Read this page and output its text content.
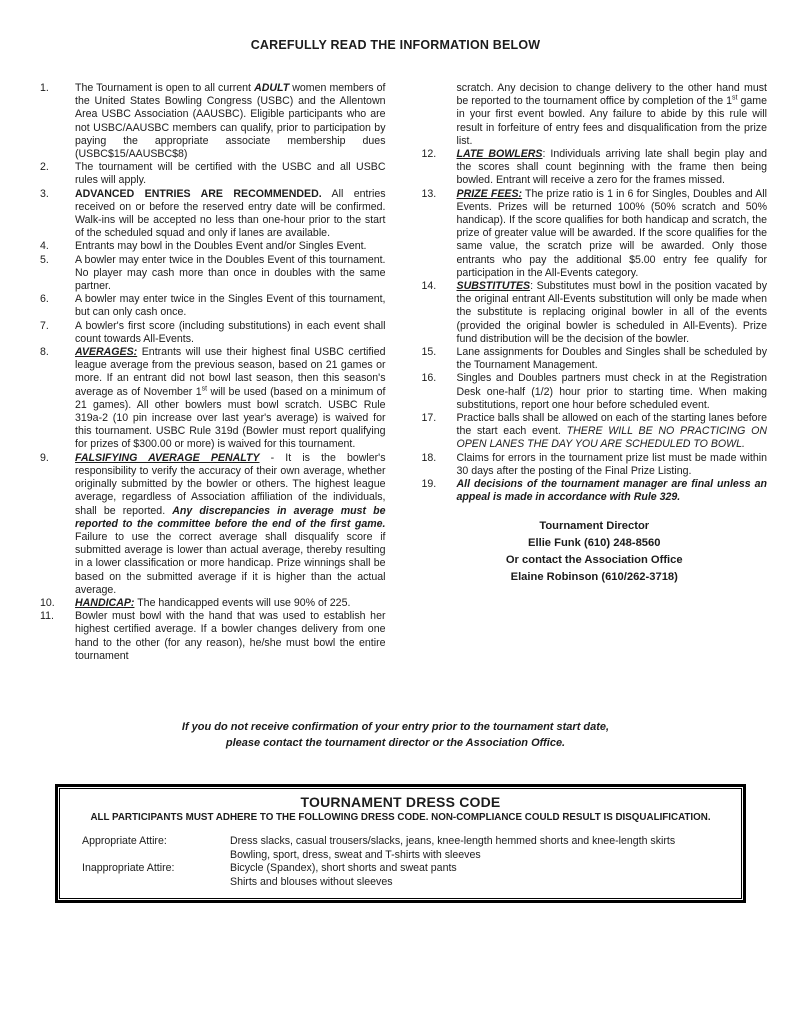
CAREFULLY READ THE INFORMATION BELOW
1.	The Tournament is open to all current ADULT women members of the United States Bowling Congress (USBC) and the Allentown Area USBC Association (AAUSBC). Eligible participants who are not USBC/AAUSBC members can qualify, prior to participation by paying the appropriate associate membership dues (USBC$15/AAUSBC$8)
2.	The tournament will be certified with the USBC and all USBC rules will apply.
3.	ADVANCED ENTRIES ARE RECOMMENDED. All entries received on or before the reserved entry date will be confirmed. Walk-ins will be accepted no less than one-hour prior to the start of the scheduled squad and only if lanes are available.
4.	Entrants may bowl in the Doubles Event and/or Singles Event.
5.	A bowler may enter twice in the Doubles Event of this tournament. No player may cash more than once in doubles with the same partner.
6.	A bowler may enter twice in the Singles Event of this tournament, but can only cash once.
7.	A bowler's first score (including substitutions) in each event shall count towards All-Events.
8.	AVERAGES: Entrants will use their highest final USBC certified league average from the previous season, based on 21 games or more. If an entrant did not bowl last season, then this season's average as of November 1st will be used (based on a minimum of 21 games). All other bowlers must bowl scratch. USBC Rule 319a-2 (10 pin increase over last year's average) is waived for this tournament. USBC Rule 319d (Bowler must report qualifying for prizes of $300.00 or more) is waived for this tournament.
9.	FALSIFYING AVERAGE PENALTY - It is the bowler's responsibility to verify the accuracy of their own average, whether originally submitted by the bowler or others. The highest league average, regardless of Association affiliation of the individuals, shall be reported. Any discrepancies in average must be reported to the committee before the end of the first game. Failure to use the correct average shall disqualify score if submitted average is lower than actual average, thereby resulting in a lower classification or more handicap. Prize winnings shall be based on the submitted average if it is higher than the actual average.
10.	HANDICAP: The handicapped events will use 90% of 225.
11.	Bowler must bowl with the hand that was used to establish her highest certified average. If a bowler changes delivery from one hand to the other (for any reason), he/she must bowl the entire tournament
scratch. Any decision to change delivery to the other hand must be reported to the tournament office by completion of the 1st game in your first event bowled. Any failure to abide by this rule will result in forfeiture of entry fees and disqualification from the prize list.
12.	LATE BOWLERS: Individuals arriving late shall begin play and the scores shall count beginning with the frame then being bowled. Entrant will receive a zero for the frames missed.
13.	PRIZE FEES: The prize ratio is 1 in 6 for Singles, Doubles and All Events. Prizes will be returned 100% (50% scratch and 50% handicap). If the score qualifies for both handicap and scratch, the prize of greater value will be awarded. If the score qualifies for the same value, the scratch prize will be awarded. Only those entrants who pay the additional $5.00 entry fee qualify for participation in the All-Events category.
14.	SUBSTITUTES: Substitutes must bowl in the position vacated by the original entrant All-Events substitution will only be made when the substitute is replacing original bowler in all of the events (provided the original bowler is scheduled in All-Events). Prize fund distribution will be the decision of the bowler.
15.	Lane assignments for Doubles and Singles shall be scheduled by the Tournament Management.
16.	Singles and Doubles partners must check in at the Registration Desk one-half (1/2) hour prior to starting time. When making substitutions, report one hour before scheduled event.
17.	Practice balls shall be allowed on each of the starting lanes before the start each event. THERE WILL BE NO PRACTICING ON OPEN LANES THE DAY YOU ARE SCHEDULED TO BOWL.
18.	Claims for errors in the tournament prize list must be made within 30 days after the posting of the Final Prize Listing.
19.	All decisions of the tournament manager are final unless an appeal is made in accordance with Rule 329.
Tournament Director
Ellie Funk (610) 248-8560
Or contact the Association Office
Elaine Robinson (610/262-3718)
If you do not receive confirmation of your entry prior to the tournament start date,
please contact the tournament director or the Association Office.
TOURNAMENT DRESS CODE
ALL PARTICIPANTS MUST ADHERE TO THE FOLLOWING DRESS CODE. NON-COMPLIANCE COULD RESULT IS DISQUALIFICATION.
Appropriate Attire:	Dress slacks, casual trousers/slacks, jeans, knee-length hemmed shorts and knee-length skirts
Bowling, sport, dress, sweat and T-shirts with sleeves
Inappropriate Attire:	Bicycle (Spandex), short shorts and sweat pants
Shirts and blouses without sleeves
